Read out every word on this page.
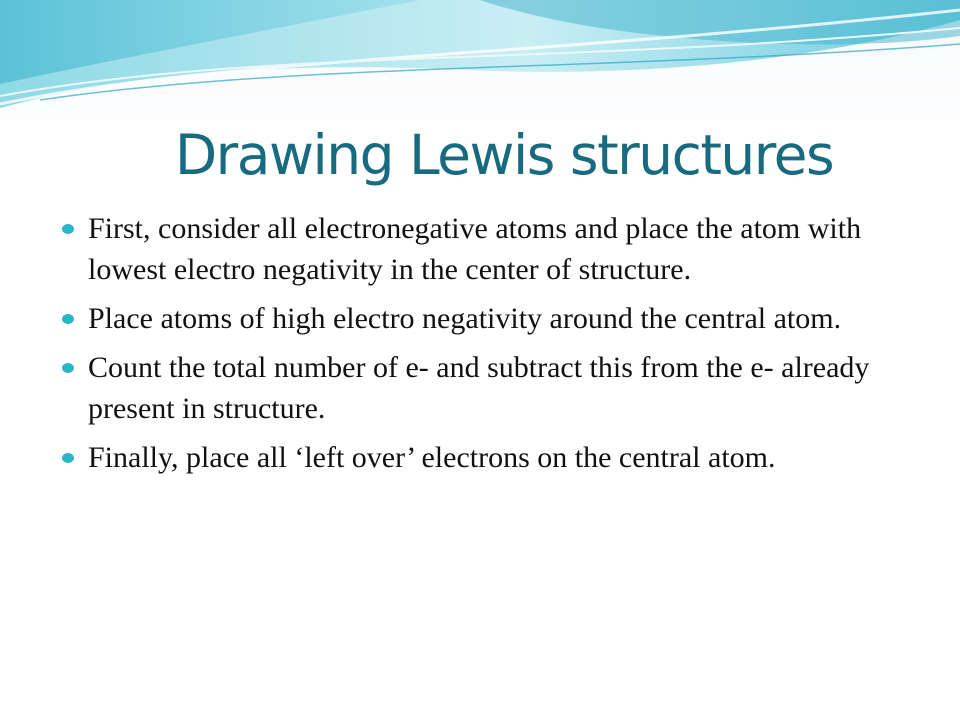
Drawing Lewis structures
First, consider all electronegative atoms and place the atom with lowest electro negativity in the center of structure.
Place atoms of high electro negativity around the central atom.
Count the total number of e- and subtract this from the e- already present in structure.
Finally, place all ‘left over’ electrons on the central atom.
